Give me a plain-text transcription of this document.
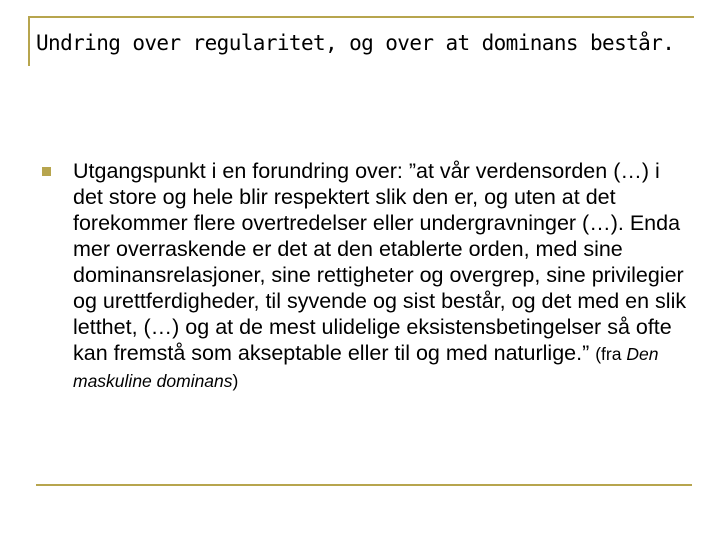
Undring over regularitet, og over at dominans består.

Utgangspunkt i en forundring over: ”at vår verdensorden (…) i det store og hele blir respektert slik den er, og uten at det forekommer flere overtredelser eller undergravninger (…). Enda mer overraskende er det at den etablerte orden, med sine dominansrelasjoner, sine rettigheter og overgrep, sine privilegier og urettferdigheder, til syvende og sist består, og det med en slik letthet, (…) og at de mest ulidelige eksistensbetingelser så ofte kan fremstå som akseptable eller til og med naturlige.” (fra Den maskuline dominans)
